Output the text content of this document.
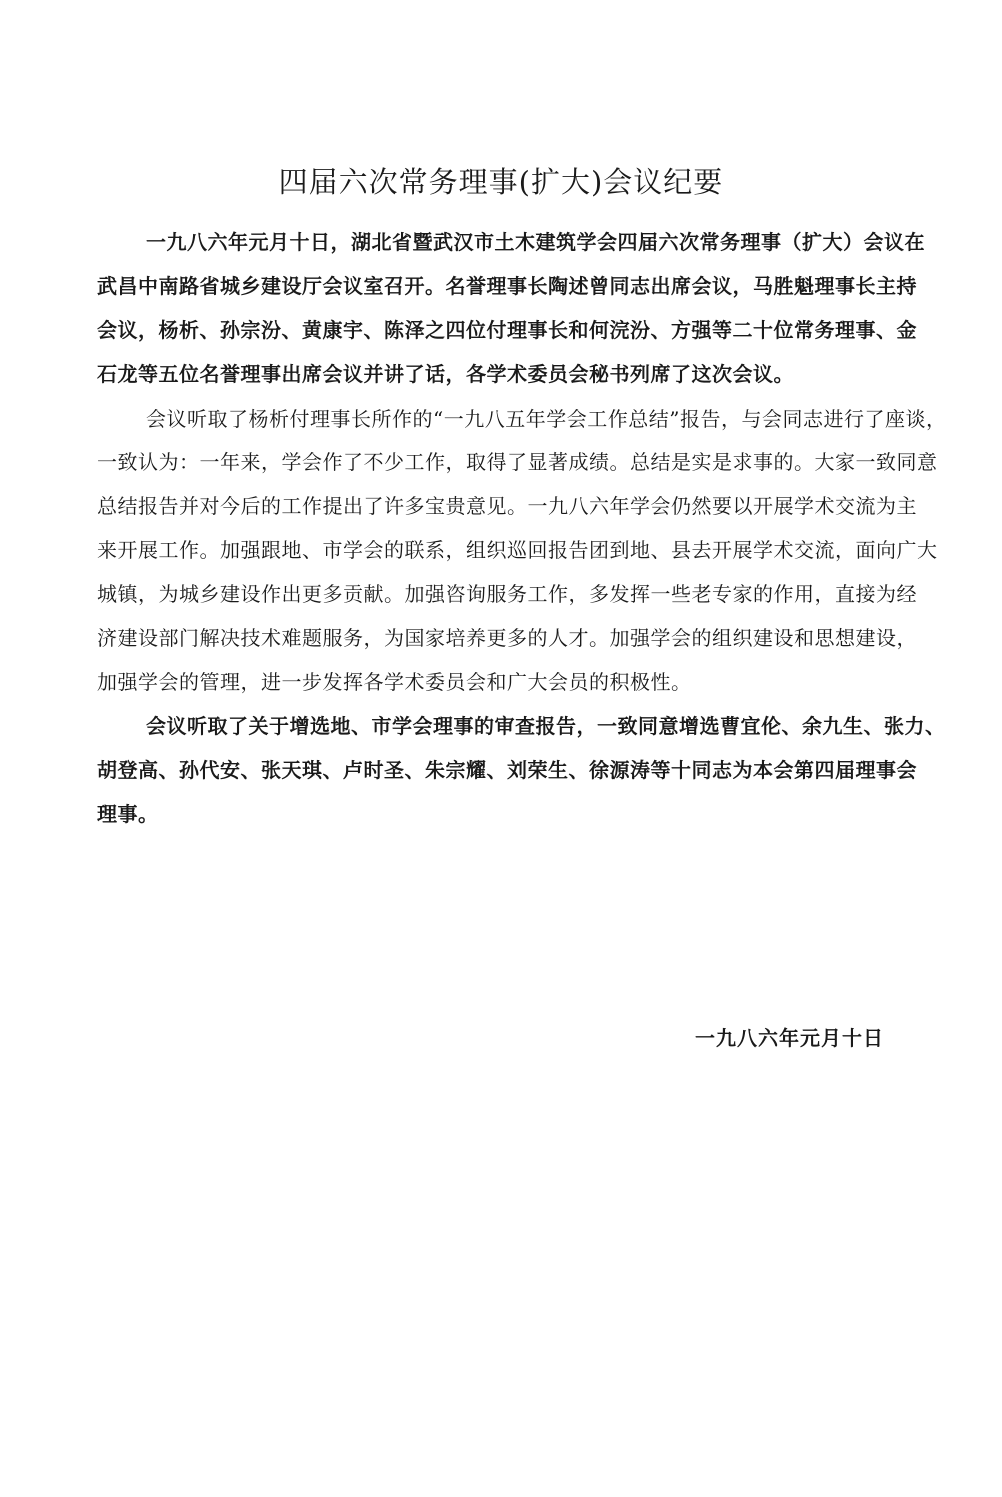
四届六次常务理事(扩大)会议纪要
一九八六年元月十日，湖北省暨武汉市土木建筑学会四届六次常务理事（扩大）会议在
武昌中南路省城乡建设厅会议室召开。名誉理事长陶述曾同志出席会议，马胜魁理事长主持
会议，杨析、孙宗汾、黄康宇、陈泽之四位付理事长和何浣汾、方强等二十位常务理事、金
石龙等五位名誉理事出席会议并讲了话，各学术委员会秘书列席了这次会议。
会议听取了杨析付理事长所作的“一九八五年学会工作总结”报告，与会同志进行了座谈，
一致认为：一年来，学会作了不少工作，取得了显著成绩。总结是实是求事的。大家一致同意
总结报告并对今后的工作提出了许多宝贵意见。一九八六年学会仍然要以开展学术交流为主
来开展工作。加强跟地、市学会的联系，组织巡回报告团到地、县去开展学术交流，面向广大
城镇，为城乡建设作出更多贡献。加强咨询服务工作，多发挥一些老专家的作用，直接为经
济建设部门解决技术难题服务，为国家培养更多的人才。加强学会的组织建设和思想建设，
加强学会的管理，进一步发挥各学术委员会和广大会员的积极性。
会议听取了关于增选地、市学会理事的审查报告，一致同意增选曹宜伦、余九生、张力、
胡登高、孙代安、张天琪、卢时圣、朱宗耀、刘荣生、徐源涛等十同志为本会第四届理事会
理事。
一九八六年元月十日
